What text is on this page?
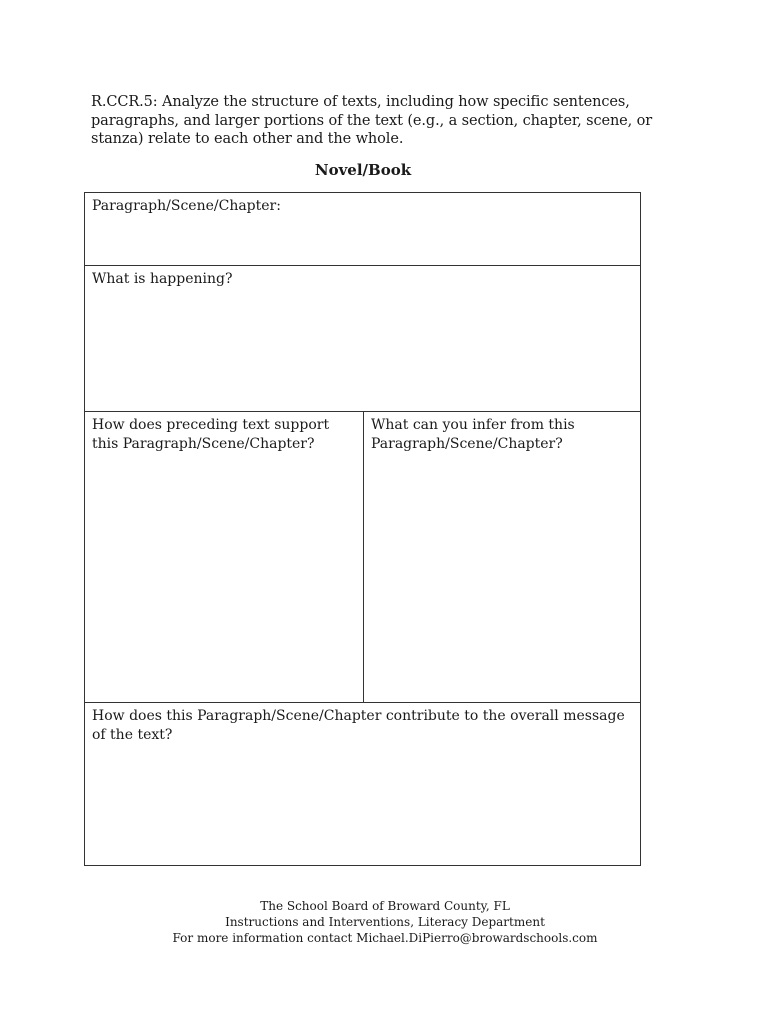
R.CCR.5: Analyze the structure of texts, including how specific sentences, paragraphs, and larger portions of the text (e.g., a section, chapter, scene, or stanza) relate to each other and the whole.
Novel/Book
Paragraph/Scene/Chapter:
What is happening?
How does preceding text support this Paragraph/Scene/Chapter?
What can you infer from this Paragraph/Scene/Chapter?
How does this Paragraph/Scene/Chapter contribute to the overall message of the text?
The School Board of Broward County, FL
Instructions and Interventions, Literacy Department
For more information contact Michael.DiPierro@browardschools.com
